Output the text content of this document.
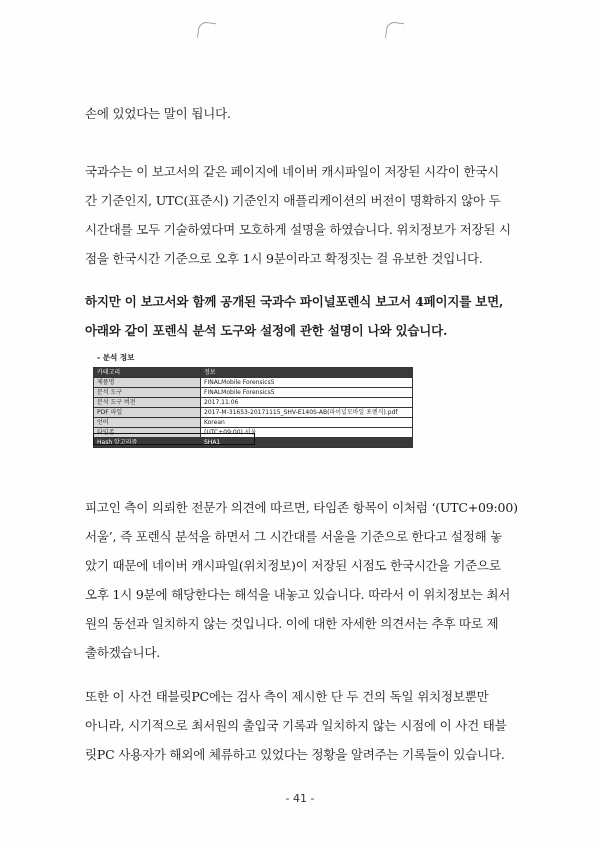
손에 있었다는 말이 됩니다.
국과수는 이 보고서의 같은 페이지에 네이버 캐시파일이 저장된 시각이 한국시
간 기준인지, UTC(표준시) 기준인지 애플리케이션의 버전이 명확하지 않아 두
시간대를 모두 기술하였다며 모호하게 설명을 하였습니다. 위치정보가 저장된 시
점을 한국시간 기준으로 오후 1시 9분이라고 확정짓는 걸 유보한 것입니다.
하지만 이 보고서와 함께 공개된 국과수 파이널포렌식 보고서 4페이지를 보면,
아래와 같이 포렌식 분석 도구와 설정에 관한 설명이 나와 있습니다.
- 분석 정보
카테고리	정보
제품명	FINALMobile Forensics5
분석 도구	FINALMobile Forensics5
분석 도구 버전	2017.11.06
PDF 파일	2017-M-31653-20171115_SHV-E140S-AB(파이널모바일 포렌식).pdf
언어	Korean
타임존	(UTC+09:00) 서울
Hash 알고리즘	SHA1
피고인 측이 의뢰한 전문가 의견에 따르면, 타임존 항목이 이처럼 ‘(UTC+09:00)
서울’, 즉 포렌식 분석을 하면서 그 시간대를 서울을 기준으로 한다고 설정해 놓
았기 때문에 네이버 캐시파일(위치정보)이 저장된 시점도 한국시간을 기준으로
오후 1시 9분에 해당한다는 해석을 내놓고 있습니다. 따라서 이 위치정보는 최서
원의 동선과 일치하지 않는 것입니다. 이에 대한 자세한 의견서는 추후 따로 제
출하겠습니다.
또한 이 사건 태블릿PC에는 검사 측이 제시한 단 두 건의 독일 위치정보뿐만
아니라, 시기적으로 최서원의 출입국 기록과 일치하지 않는 시점에 이 사건 태블
릿PC 사용자가 해외에 체류하고 있었다는 정황을 알려주는 기록들이 있습니다.
- 41 -
